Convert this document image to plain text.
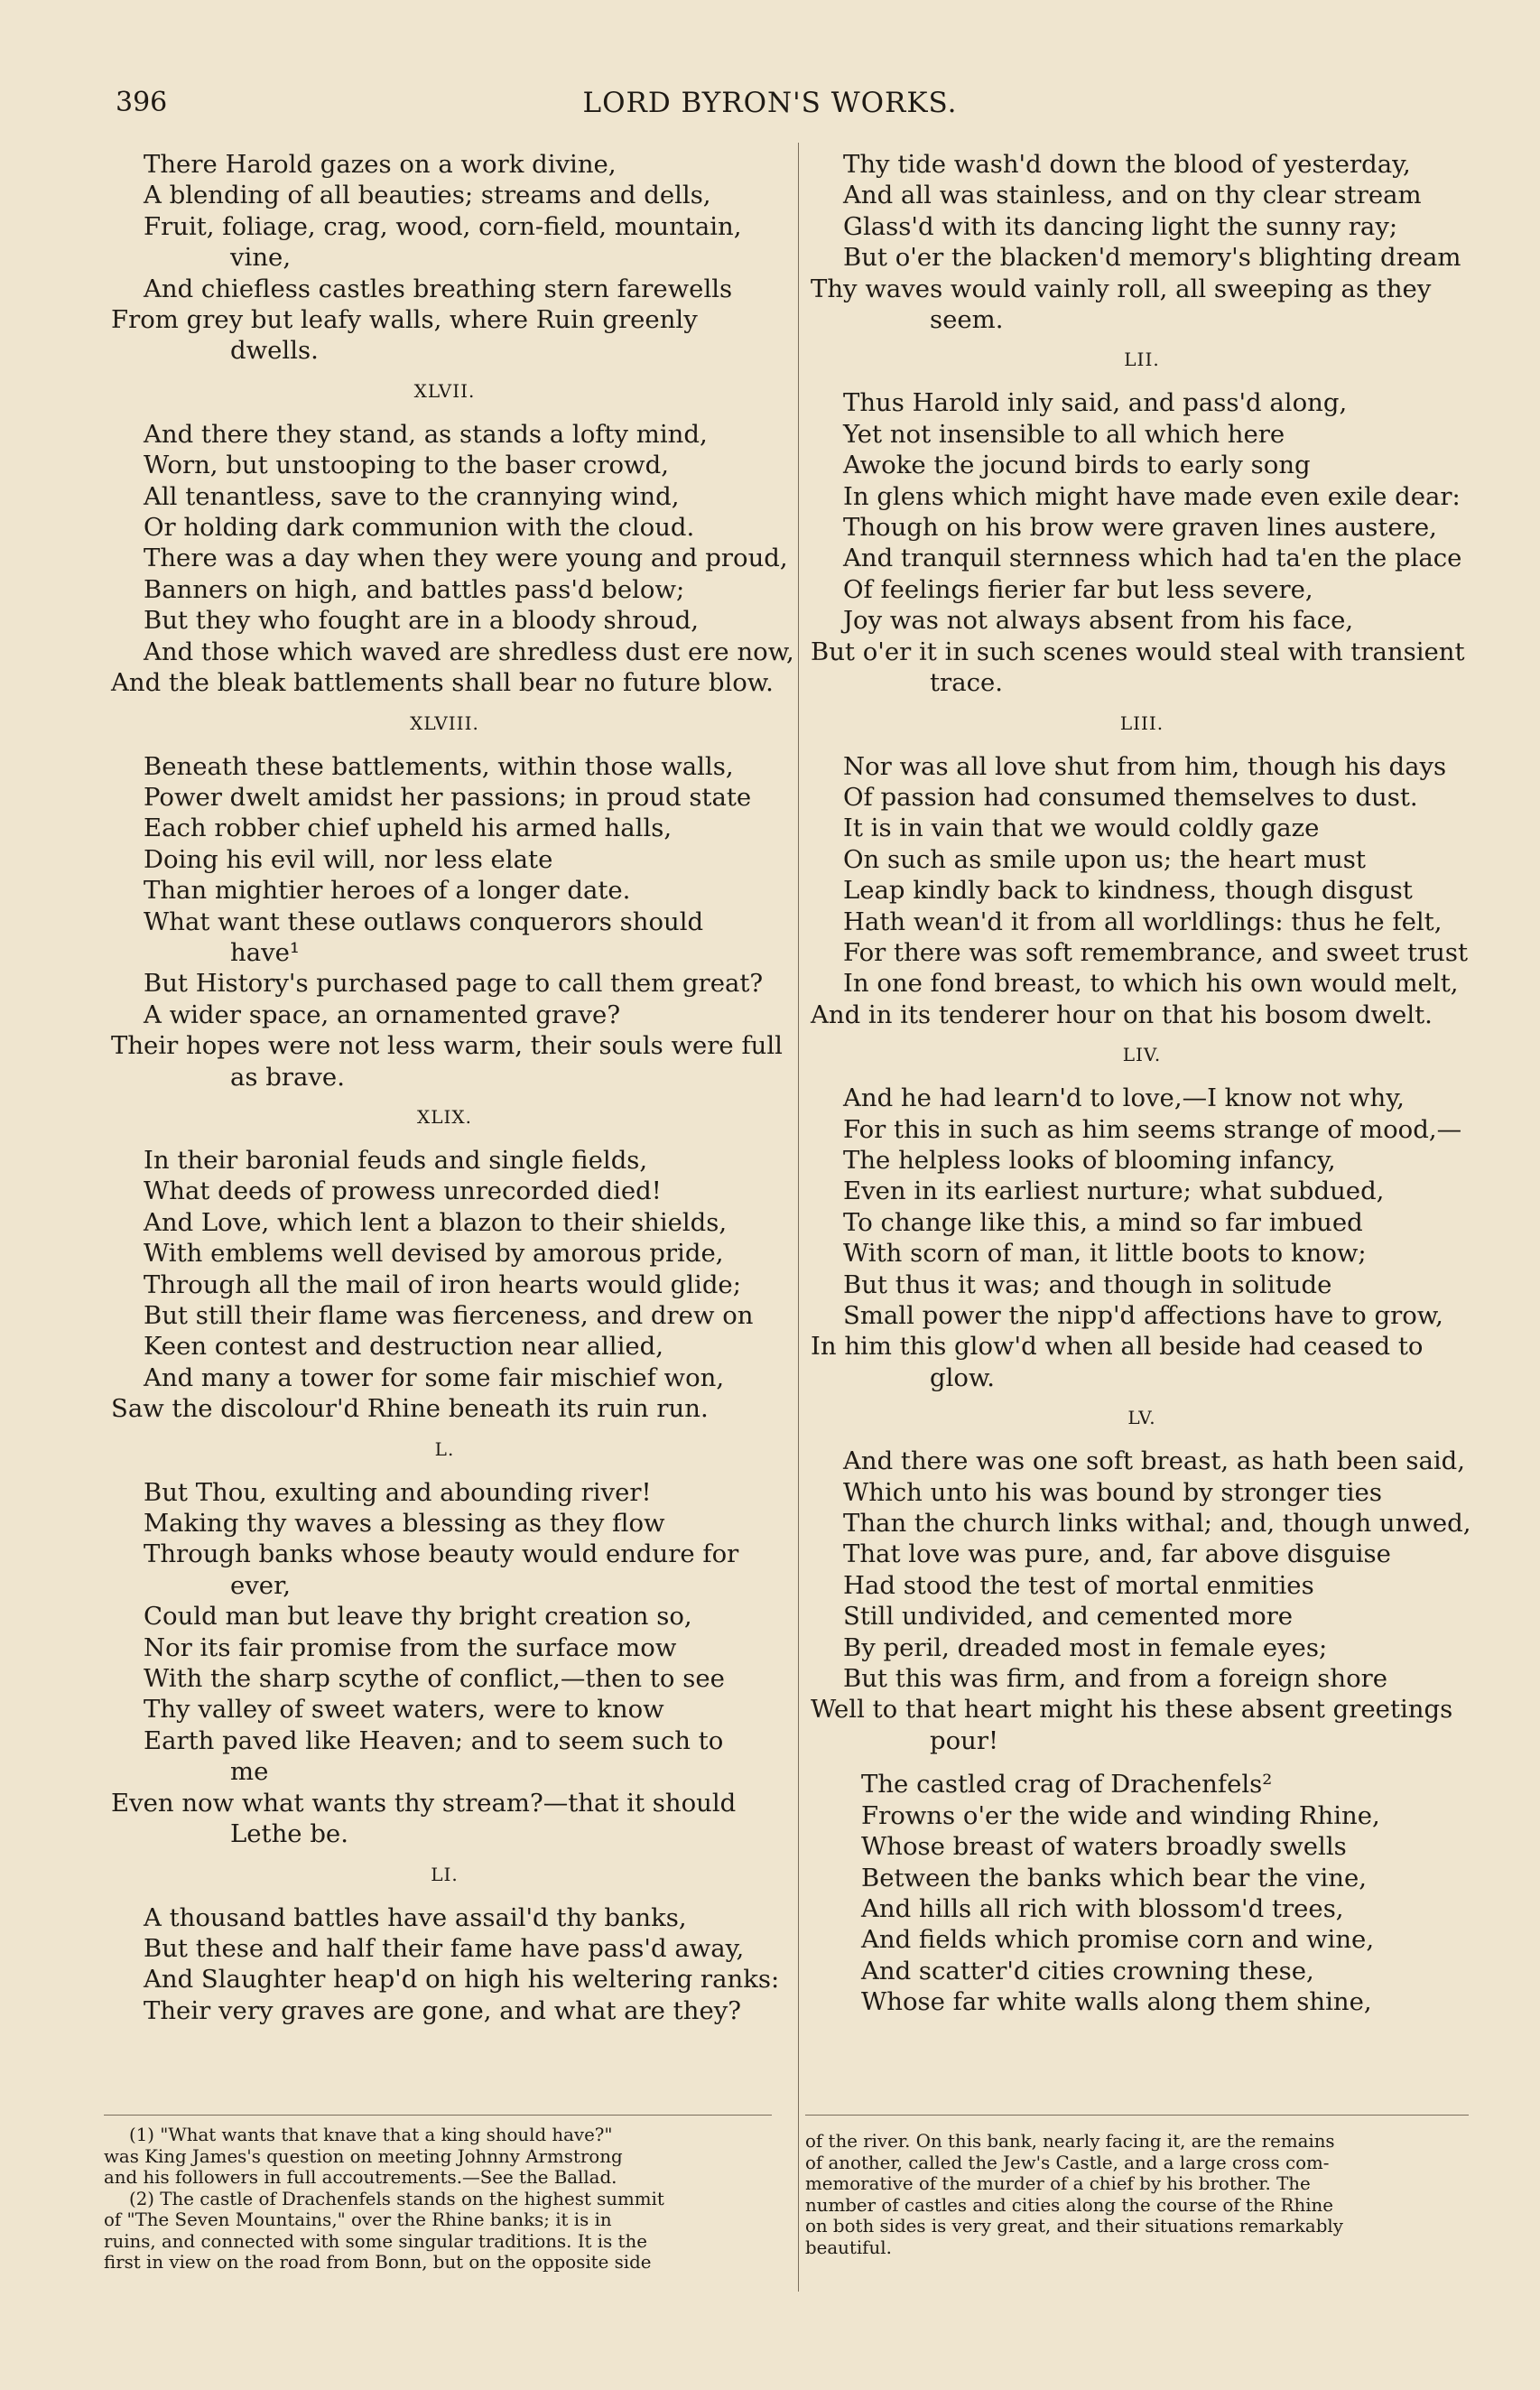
396	LORD BYRON'S WORKS.
There Harold gazes on a work divine,
A blending of all beauties; streams and dells,
Fruit, foliage, crag, wood, corn-field, mountain,
vine,
And chiefless castles breathing stern farewells
From grey but leafy walls, where Ruin greenly
dwells.
XLVII.
And there they stand, as stands a lofty mind,
Worn, but unstooping to the baser crowd,
All tenantless, save to the crannying wind,
Or holding dark communion with the cloud.
There was a day when they were young and proud,
Banners on high, and battles pass'd below;
But they who fought are in a bloody shroud,
And those which waved are shredless dust ere now,
And the bleak battlements shall bear no future blow.
XLVIII.
Beneath these battlements, within those walls,
Power dwelt amidst her passions; in proud state
Each robber chief upheld his armed halls,
Doing his evil will, nor less elate
Than mightier heroes of a longer date.
What want these outlaws conquerors should
have¹
But History's purchased page to call them great?
A wider space, an ornamented grave?
Their hopes were not less warm, their souls were full
as brave.
XLIX.
In their baronial feuds and single fields,
What deeds of prowess unrecorded died!
And Love, which lent a blazon to their shields,
With emblems well devised by amorous pride,
Through all the mail of iron hearts would glide;
But still their flame was fierceness, and drew on
Keen contest and destruction near allied,
And many a tower for some fair mischief won,
Saw the discolour'd Rhine beneath its ruin run.
L.
But Thou, exulting and abounding river!
Making thy waves a blessing as they flow
Through banks whose beauty would endure for
ever,
Could man but leave thy bright creation so,
Nor its fair promise from the surface mow
With the sharp scythe of conflict,—then to see
Thy valley of sweet waters, were to know
Earth paved like Heaven; and to seem such to
me
Even now what wants thy stream?—that it should
Lethe be.
LI.
A thousand battles have assail'd thy banks,
But these and half their fame have pass'd away,
And Slaughter heap'd on high his weltering ranks:
Their very graves are gone, and what are they?
(1) "What wants that knave that a king should have?"
was King James's question on meeting Johnny Armstrong
and his followers in full accoutrements.—See the Ballad.
(2) The castle of Drachenfels stands on the highest summit
of "The Seven Mountains," over the Rhine banks; it is in
ruins, and connected with some singular traditions. It is the
first in view on the road from Bonn, but on the opposite side
Thy tide wash'd down the blood of yesterday,
And all was stainless, and on thy clear stream
Glass'd with its dancing light the sunny ray;
But o'er the blacken'd memory's blighting dream
Thy waves would vainly roll, all sweeping as they
seem.
LII.
Thus Harold inly said, and pass'd along,
Yet not insensible to all which here
Awoke the jocund birds to early song
In glens which might have made even exile dear:
Though on his brow were graven lines austere,
And tranquil sternness which had ta'en the place
Of feelings fierier far but less severe,
Joy was not always absent from his face,
But o'er it in such scenes would steal with transient
trace.
LIII.
Nor was all love shut from him, though his days
Of passion had consumed themselves to dust.
It is in vain that we would coldly gaze
On such as smile upon us; the heart must
Leap kindly back to kindness, though disgust
Hath wean'd it from all worldlings: thus he felt,
For there was soft remembrance, and sweet trust
In one fond breast, to which his own would melt,
And in its tenderer hour on that his bosom dwelt.
LIV.
And he had learn'd to love,—I know not why,
For this in such as him seems strange of mood,—
The helpless looks of blooming infancy,
Even in its earliest nurture; what subdued,
To change like this, a mind so far imbued
With scorn of man, it little boots to know;
But thus it was; and though in solitude
Small power the nipp'd affections have to grow,
In him this glow'd when all beside had ceased to
glow.
LV.
And there was one soft breast, as hath been said,
Which unto his was bound by stronger ties
Than the church links withal; and, though unwed,
That love was pure, and, far above disguise
Had stood the test of mortal enmities
Still undivided, and cemented more
By peril, dreaded most in female eyes;
But this was firm, and from a foreign shore
Well to that heart might his these absent greetings
pour!
The castled crag of Drachenfels²
Frowns o'er the wide and winding Rhine,
Whose breast of waters broadly swells
Between the banks which bear the vine,
And hills all rich with blossom'd trees,
And fields which promise corn and wine,
And scatter'd cities crowning these,
Whose far white walls along them shine,
of the river. On this bank, nearly facing it, are the remains
of another, called the Jew's Castle, and a large cross com-
memorative of the murder of a chief by his brother. The
number of castles and cities along the course of the Rhine
on both sides is very great, and their situations remarkably
beautiful.
